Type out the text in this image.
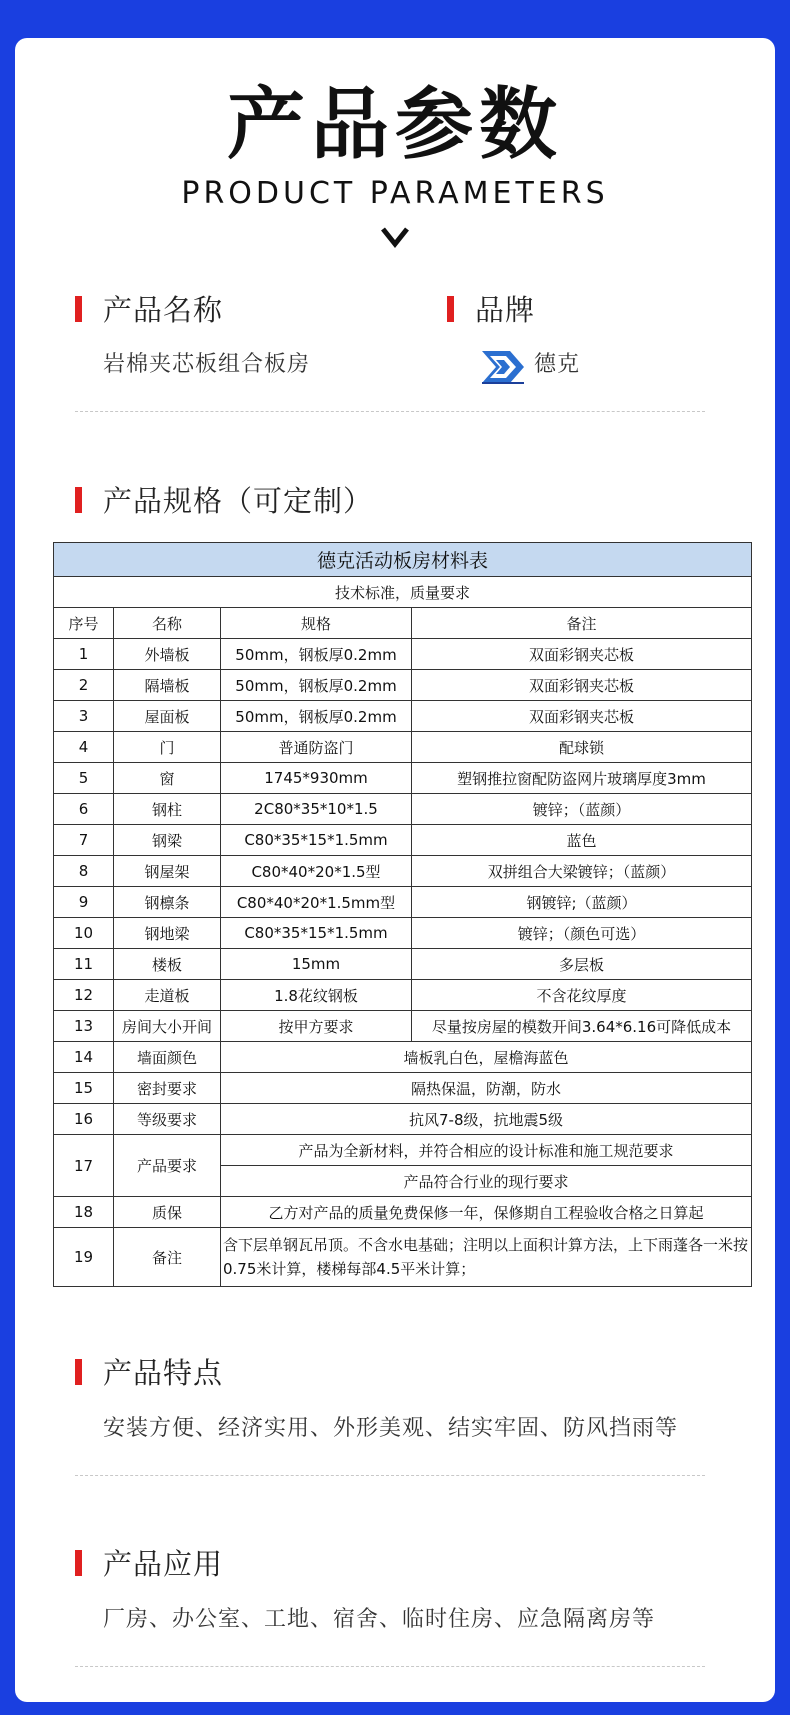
产品参数
PRODUCT PARAMETERS
产品名称
岩棉夹芯板组合板房
品牌
德克
产品规格（可定制）
德克活动板房材料表			
技术标准，质量要求			
序号	名称	规格	备注
1	外墙板	50mm，钢板厚0.2mm	双面彩钢夹芯板
2	隔墙板	50mm，钢板厚0.2mm	双面彩钢夹芯板
3	屋面板	50mm，钢板厚0.2mm	双面彩钢夹芯板
4	门	普通防盗门	配球锁
5	窗	1745*930mm	塑钢推拉窗配防盗网片玻璃厚度3mm
6	钢柱	2C80*35*10*1.5	镀锌；（蓝颜）
7	钢梁	C80*35*15*1.5mm	蓝色
8	钢屋架	C80*40*20*1.5型	双拼组合大梁镀锌；（蓝颜）
9	钢檩条	C80*40*20*1.5mm型	钢镀锌;（蓝颜）
10	钢地梁	C80*35*15*1.5mm	镀锌；（颜色可选）
11	楼板	15mm	多层板
12	走道板	1.8花纹钢板	不含花纹厚度
13	房间大小开间	按甲方要求	尽量按房屋的模数开间3.64*6.16可降低成本
14	墙面颜色	墙板乳白色，屋檐海蓝色	
15	密封要求	隔热保温，防潮，防水	
16	等级要求	抗风7-8级，抗地震5级	
17	产品要求	产品为全新材料，并符合相应的设计标准和施工规范要求	
		产品符合行业的现行要求	
18	质保	乙方对产品的质量免费保修一年，保修期自工程验收合格之日算起	
19	备注	含下层单钢瓦吊顶。不含水电基础；注明以上面积计算方法，上下雨蓬各一米按0.75米计算，楼梯每部4.5平米计算；	
产品特点
安装方便、经济实用、外形美观、结实牢固、防风挡雨等
产品应用
厂房、办公室、工地、宿舍、临时住房、应急隔离房等
